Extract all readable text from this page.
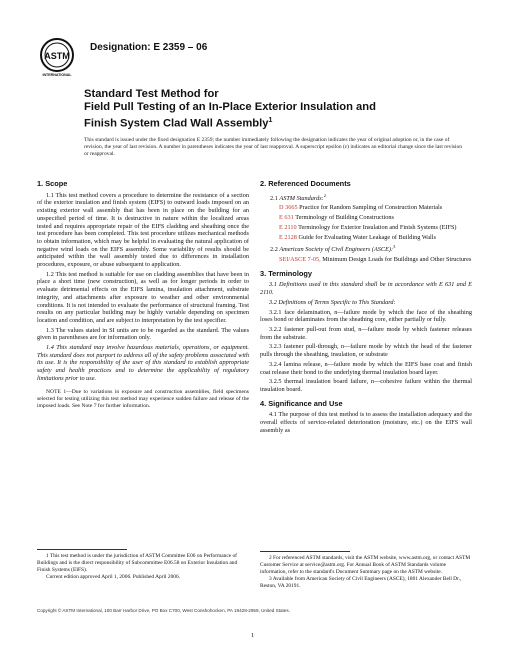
ASTM
INTERNATIONAL
Designation: E 2359 – 06
Standard Test Method for
Field Pull Testing of an In-Place Exterior Insulation and
Finish System Clad Wall Assembly$^1$
This standard is issued under the fixed designation E 2359; the number immediately following the designation indicates the year of original adoption or, in the case of revision, the year of last revision. A number in parentheses indicates the year of last reapproval. A superscript epsilon (ε) indicates an editorial change since the last revision or reapproval.
1. Scope

1.1 This test method covers a procedure to determine the resistance of a section of the exterior insulation and finish system (EIFS) to outward loads imposed on an existing exterior wall assembly that has been in place on the building for an unspecified period of time. It is destructive in nature within the localized areas tested and requires appropriate repair of the EIFS cladding and sheathing once the test procedure has been completed. This test procedure utilizes mechanical methods to obtain information, which may be helpful in evaluating the natural application of negative wind loads on the EIFS assembly. Some variability of results should be anticipated within the wall assembly tested due to differences in installation procedures, exposure, or abuse subsequent to application.

1.2 This test method is suitable for use on cladding assemblies that have been in place a short time (new construction), as well as for longer periods in order to evaluate detrimental effects on the EIFS lamina, insulation attachment, substrate integrity, and attachments after exposure to weather and other environmental conditions. It is not intended to evaluate the performance of structural framing. Test results on any particular building may be highly variable depending on specimen location and condition, and are subject to interpretation by the test specifier.

1.3 The values stated in SI units are to be regarded as the standard. The values given in parentheses are for information only.

1.4 This standard may involve hazardous materials, operations, or equipment. This standard does not purport to address all of the safety problems associated with its use. It is the responsibility of the user of this standard to establish appropriate safety and health practices and to determine the applicability of regulatory limitations prior to use.

NOTE 1—Due to variations in exposure and construction assemblies, field specimens selected for testing utilizing this test method may experience sudden failure and release of the imposed loads. See Note 7 for further information.
2. Referenced Documents

2.1 ASTM Standards:$^2$

D 3665 Practice for Random Sampling of Construction Materials

E 631 Terminology of Building Constructions

E 2110 Terminology for Exterior Insulation and Finish Systems (EIFS)

E 2128 Guide for Evaluating Water Leakage of Building Walls

2.2 American Society of Civil Engineers (ASCE):$^3$

SEI/ASCE 7-05, Minimum Design Loads for Buildings and Other Structures

3. Terminology

3.1 Definitions used in this standard shall be in accordance with E 631 and E 2110.

3.2 Definitions of Terms Specific to This Standard:

3.2.1 face delamination, n—failure mode by which the face of the sheathing loses bond or delaminates from the sheathing core, either partially or fully.

3.2.2 fastener pull-out from stud, n—failure mode by which fastener releases from the substrate.

3.2.3 fastener pull-through, n—failure mode by which the head of the fastener pulls through the sheathing, insulation, or substrate

3.2.4 lamina release, n—failure mode by which the EIFS base coat and finish coat release their bond to the underlying thermal insulation board layer.

3.2.5 thermal insulation board failure, n—cohesive failure within the thermal insulation board.

4. Significance and Use

4.1 The purpose of this test method is to assess the installation adequacy and the overall effects of service-related deterioration (moisture, etc.) on the EIFS wall assembly as

1 This test method is under the jurisdiction of ASTM Committee E06 on Performance of Buildings and is the direct responsibility of Subcommittee E06.58 on Exterior Insulation and Finish Systems (EIFS).
Current edition approved April 1, 2006. Published April 2006.
2 For referenced ASTM standards, visit the ASTM website, www.astm.org, or contact ASTM Customer Service at service@astm.org. For Annual Book of ASTM Standards volume information, refer to the standard's Document Summary page on the ASTM website.
3 Available from American Society of Civil Engineers (ASCE), 1801 Alexander Bell Dr., Reston, VA 20191.
Copyright © ASTM International, 100 Barr Harbor Drive, PO Box C700, West Conshohocken, PA 19428-2959, United States.
1
